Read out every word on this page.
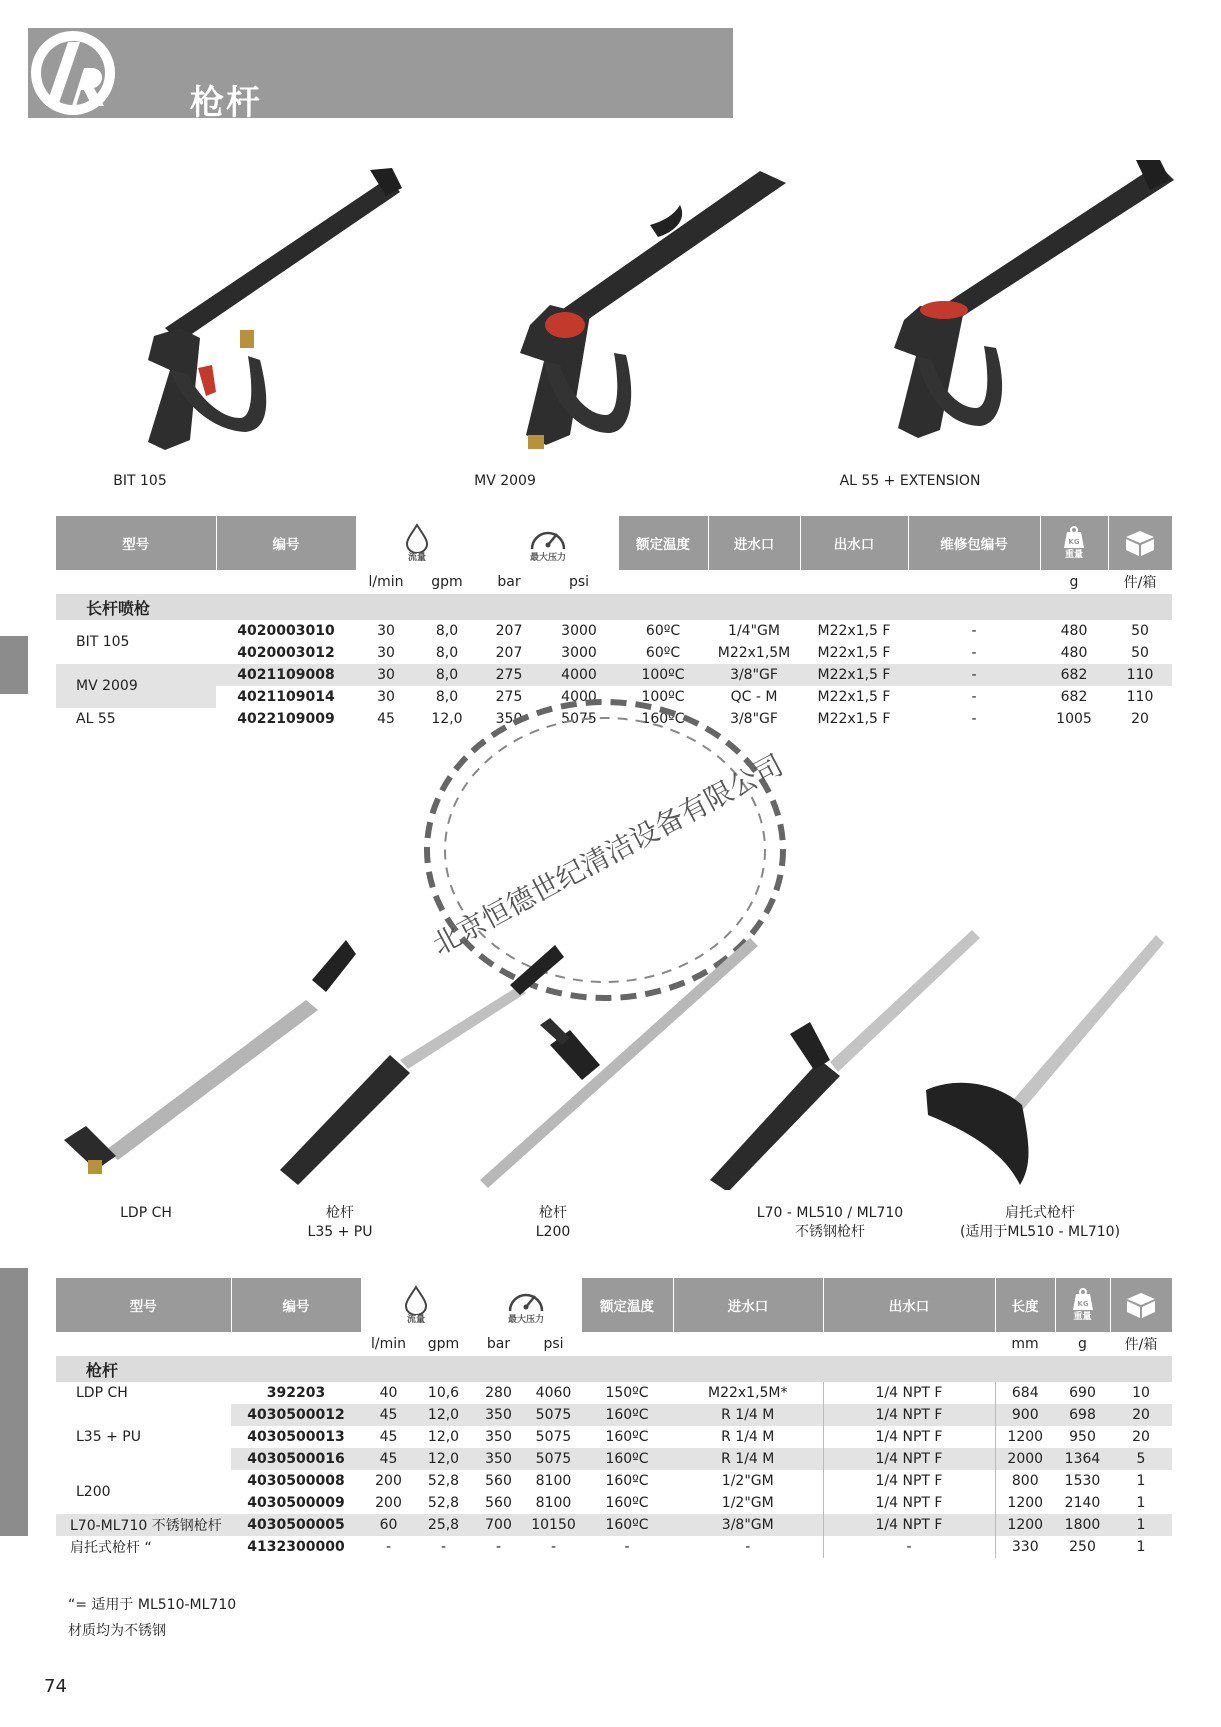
枪杆
BIT 105	MV 2009	AL 55 + EXTENSION
型号	编号	流量		最大压力		额定温度	进水口	出水口	维修包编号	KG
重量

		l/min	gpm	bar	psi					g	件/箱
长杆喷枪											
BIT 105	4020003010	30	8,0	207	3000	60ºC	1/4"GM	M22x1,5 F	-	480	50
	4020003012	30	8,0	207	3000	60ºC	M22x1,5M	M22x1,5 F	-	480	50
MV 2009	4021109008	30	8,0	275	4000	100ºC	3/8"GF	M22x1,5 F	-	682	110
	4021109014	30	8,0	275	4000	100ºC	QC - M	M22x1,5 F	-	682	110
AL 55	4022109009	45	12,0	350	5075	160ºC	3/8"GF	M22x1,5 F	-	1005	20
北京恒德世纪清洁设备有限公司
LDP CH	枪杆
L35 + PU
枪杆
L200
L70 - ML510 / ML710
不锈钢枪杆
肩托式枪杆
(适用于ML510 - ML710)
型号	编号	流量		最大压力		额定温度	进水口	出水口	长度	KG
重量

		l/min	gpm	bar	psi				mm	g	件/箱
枪杆											
LDP CH	392203	40	10,6	280	4060	150ºC	M22x1,5M*	1/4 NPT F	684	690	10
L35 + PU	4030500012	45	12,0	350	5075	160ºC	R 1/4 M	1/4 NPT F	900	698	20
	4030500013	45	12,0	350	5075	160ºC	R 1/4 M	1/4 NPT F	1200	950	20
	4030500016	45	12,0	350	5075	160ºC	R 1/4 M	1/4 NPT F	2000	1364	5
L200	4030500008	200	52,8	560	8100	160ºC	1/2"GM	1/4 NPT F	800	1530	1
	4030500009	200	52,8	560	8100	160ºC	1/2"GM	1/4 NPT F	1200	2140	1
L70-ML710 不锈钢枪杆	4030500005	60	25,8	700	10150	160ºC	3/8"GM	1/4 NPT F	1200	1800	1
肩托式枪杆 “	4132300000	-	-	-	-	-	-	-	330	250	1
“= 适用于 ML510-ML710
材质均为不锈钢
74
